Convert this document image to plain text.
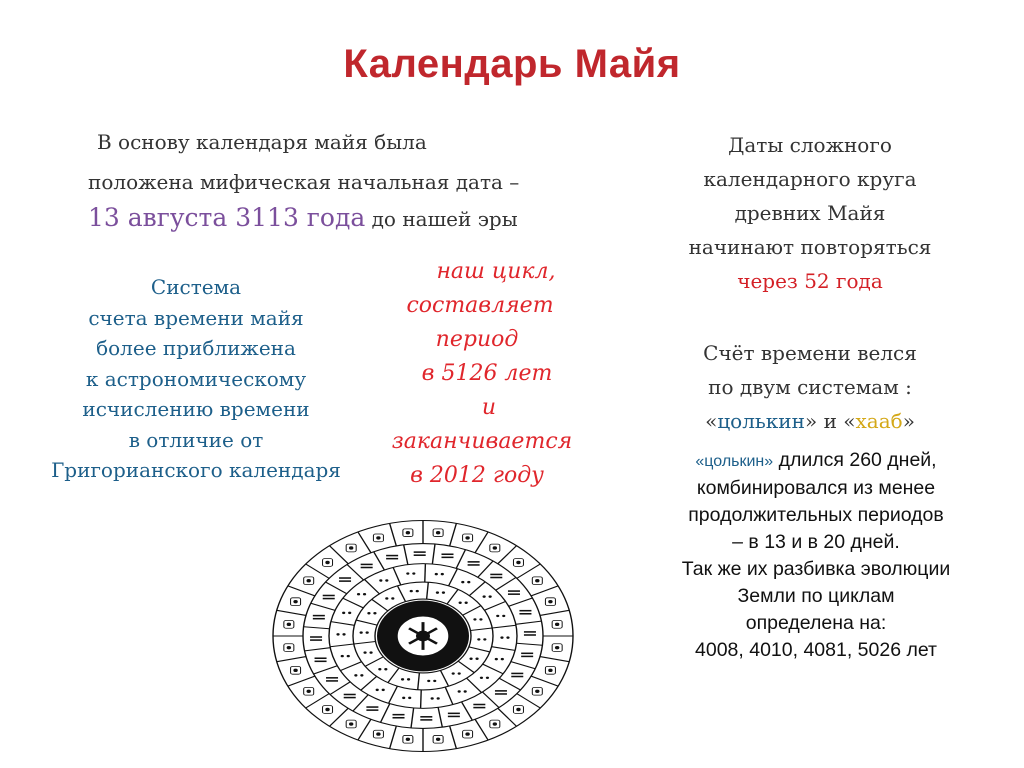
Календарь Майя
В основу календаря майя была
положена мифическая начальная дата –
13 августа 3113 года до нашей эры
Система
счета времени майя
более приближена
к астрономическому
исчислению времени
в отличие от
Григорианского календаря
наш цикл,
составляет
период
в 5126 лет
и
заканчивается
в 2012 году
Даты сложного
календарного круга
древних Майя
начинают повторяться
через 52 года
Счёт времени велся
по двум системам :
«цолькин» и «хааб»
«цолькин» длился 260 дней,
комбинировался из менее
продолжительных периодов
– в 13 и в 20 дней.
Так же их разбивка эволюции
Земли по циклам
определена на:
4008, 4010, 4081, 5026 лет
